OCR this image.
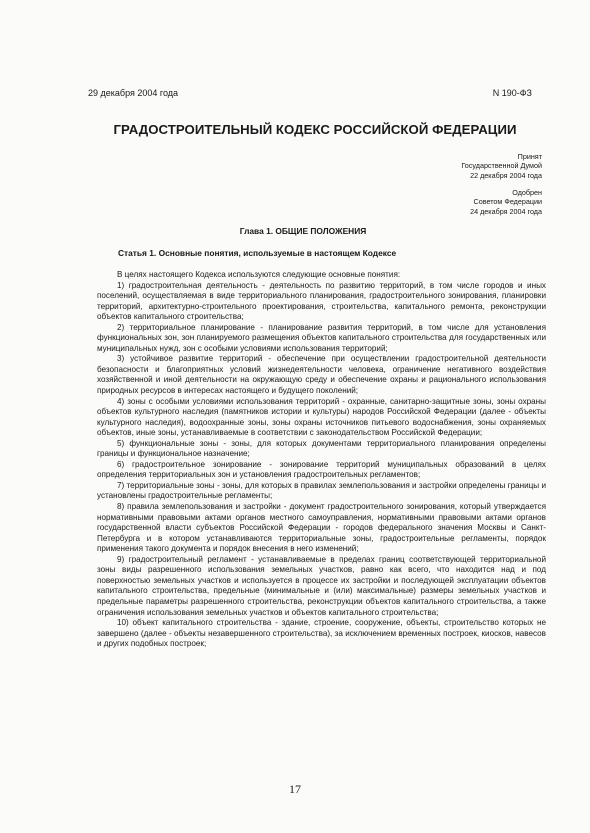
29 декабря 2004 года	N 190-ФЗ
ГРАДОСТРОИТЕЛЬНЫЙ КОДЕКС РОССИЙСКОЙ ФЕДЕРАЦИИ
Принят
Государственной Думой
22 декабря 2004 года
Одобрен
Советом Федерации
24 декабря 2004 года
Глава 1. ОБЩИЕ ПОЛОЖЕНИЯ
Статья 1. Основные понятия, используемые в настоящем Кодексе

В целях настоящего Кодекса используются следующие основные понятия:

1) градостроительная деятельность - деятельность по развитию территорий, в том числе городов и иных поселений, осуществляемая в виде территориального планирования, градостроительного зонирования, планировки территорий, архитектурно-строительного проектирования, строительства, капитального ремонта, реконструкции объектов капитального строительства;

2) территориальное планирование - планирование развития территорий, в том числе для установления функциональных зон, зон планируемого размещения объектов капитального строительства для государственных или муниципальных нужд, зон с особыми условиями использования территорий;

3) устойчивое развитие территорий - обеспечение при осуществлении градостроительной деятельности безопасности и благоприятных условий жизнедеятельности человека, ограничение негативного воздействия хозяйственной и иной деятельности на окружающую среду и обеспечение охраны и рационального использования природных ресурсов в интересах настоящего и будущего поколений;

4) зоны с особыми условиями использования территорий - охранные, санитарно-защитные зоны, зоны охраны объектов культурного наследия (памятников истории и культуры) народов Российской Федерации (далее - объекты культурного наследия), водоохранные зоны, зоны охраны источников питьевого водоснабжения, зоны охраняемых объектов, иные зоны, устанавливаемые в соответствии с законодательством Российской Федерации;

5) функциональные зоны - зоны, для которых документами территориального планирования определены границы и функциональное назначение;

6) градостроительное зонирование - зонирование территорий муниципальных образований в целях определения территориальных зон и установления градостроительных регламентов;

7) территориальные зоны - зоны, для которых в правилах землепользования и застройки определены границы и установлены градостроительные регламенты;

8) правила землепользования и застройки - документ градостроительного зонирования, который утверждается нормативными правовыми актами органов местного самоуправления, нормативными правовыми актами органов государственной власти субъектов Российской Федерации - городов федерального значения Москвы и Санкт-Петербурга и в котором устанавливаются территориальные зоны, градостроительные регламенты, порядок применения такого документа и порядок внесения в него изменений;

9) градостроительный регламент - устанавливаемые в пределах границ соответствующей территориальной зоны виды разрешенного использования земельных участков, равно как всего, что находится над и под поверхностью земельных участков и используется в процессе их застройки и последующей эксплуатации объектов капитального строительства, предельные (минимальные и (или) максимальные) размеры земельных участков и предельные параметры разрешенного строительства, реконструкции объектов капитального строительства, а также ограничения использования земельных участков и объектов капитального строительства;

10) объект капитального строительства - здание, строение, сооружение, объекты, строительство которых не завершено (далее - объекты незавершенного строительства), за исключением временных построек, киосков, навесов и других подобных построек;

17
